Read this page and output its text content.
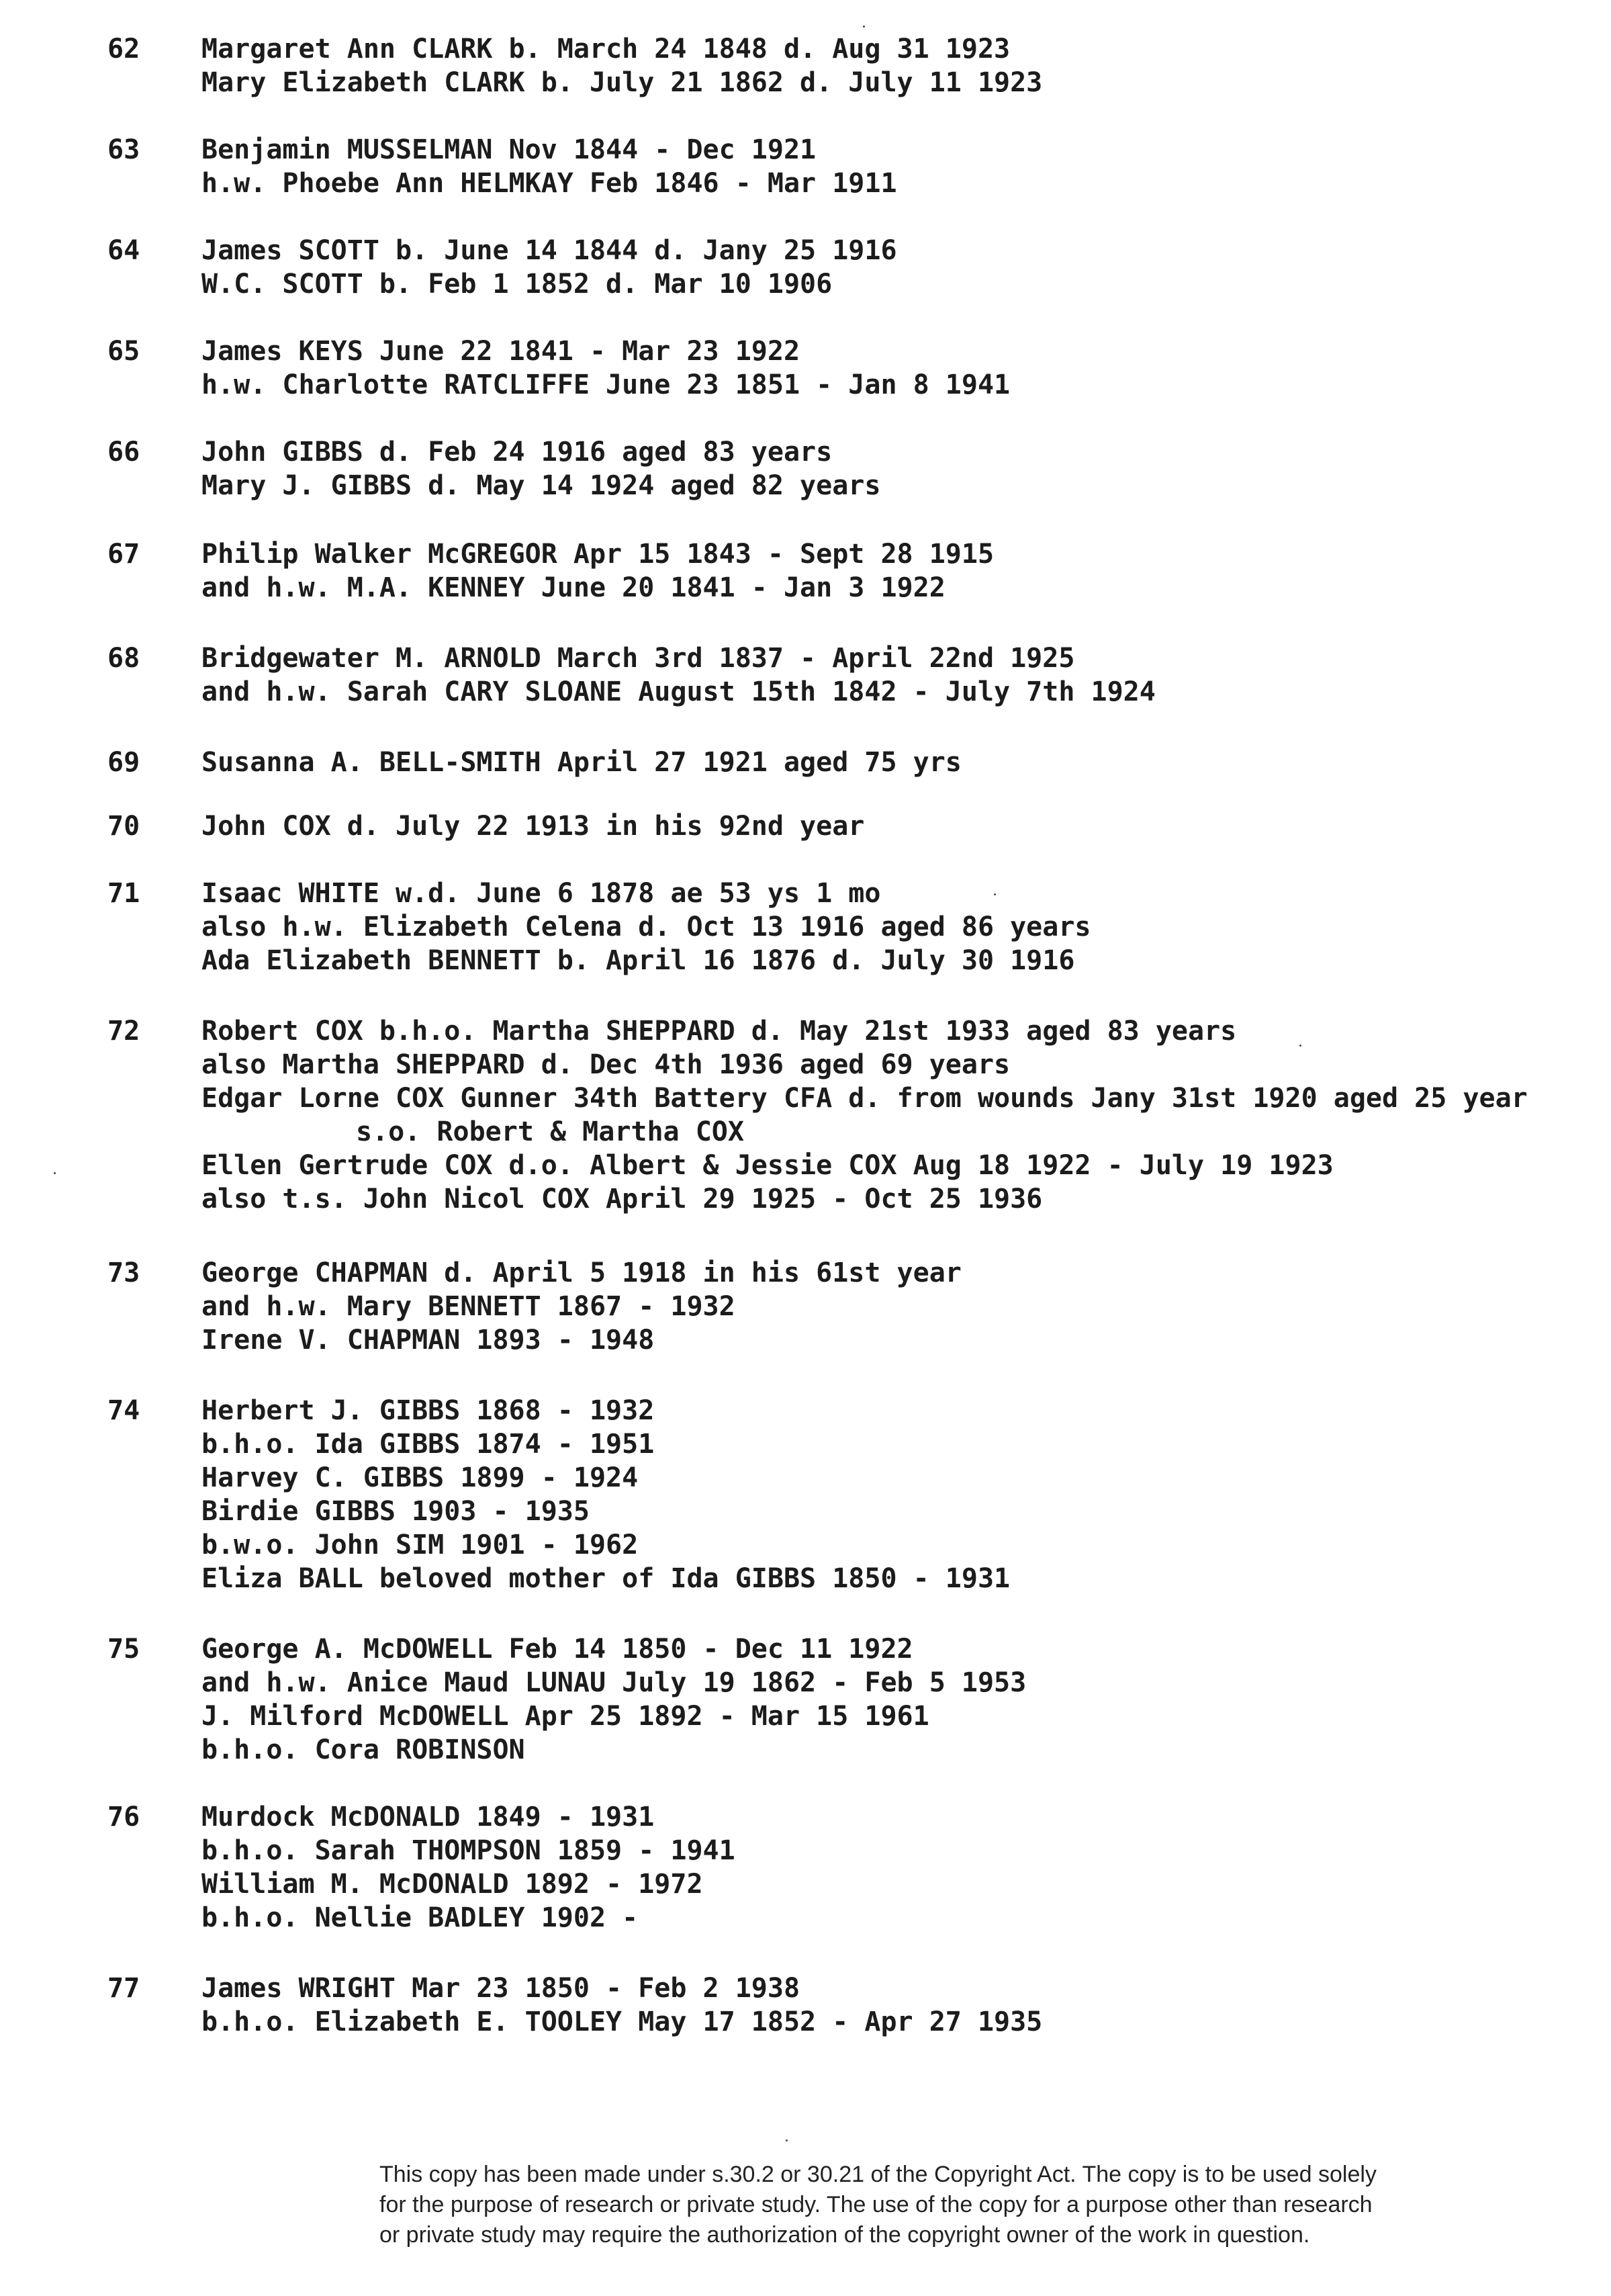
62 Margaret Ann CLARK b. March 24 1848 d. Aug 31 1923
Mary Elizabeth CLARK b. July 21 1862 d. July 11 1923
63 Benjamin MUSSELMAN Nov 1844 - Dec 1921
h.w. Phoebe Ann HELMKAY Feb 1846 - Mar 1911
64 James SCOTT b. June 14 1844 d. Jany 25 1916
W.C. SCOTT b. Feb 1 1852 d. Mar 10 1906
65 James KEYS June 22 1841 - Mar 23 1922
h.w. Charlotte RATCLIFFE June 23 1851 - Jan 8 1941
66 John GIBBS d. Feb 24 1916 aged 83 years
Mary J. GIBBS d. May 14 1924 aged 82 years
67 Philip Walker McGREGOR Apr 15 1843 - Sept 28 1915
and h.w. M.A. KENNEY June 20 1841 - Jan 3 1922
68 Bridgewater M. ARNOLD March 3rd 1837 - April 22nd 1925
and h.w. Sarah CARY SLOANE August 15th 1842 - July 7th 1924
69 Susanna A. BELL-SMITH April 27 1921 aged 75 yrs
70 John COX d. July 22 1913 in his 92nd year
71 Isaac WHITE w.d. June 6 1878 ae 53 ys 1 mo
also h.w. Elizabeth Celena d. Oct 13 1916 aged 86 years
Ada Elizabeth BENNETT b. April 16 1876 d. July 30 1916
72 Robert COX b.h.o. Martha SHEPPARD d. May 21st 1933 aged 83 years
also Martha SHEPPARD d. Dec 4th 1936 aged 69 years
Edgar Lorne COX Gunner 34th Battery CFA d. from wounds Jany 31st 1920 aged 25 year
s.o. Robert & Martha COX
Ellen Gertrude COX d.o. Albert & Jessie COX Aug 18 1922 - July 19 1923
also t.s. John Nicol COX April 29 1925 - Oct 25 1936
73 George CHAPMAN d. April 5 1918 in his 61st year
and h.w. Mary BENNETT 1867 - 1932
Irene V. CHAPMAN 1893 - 1948
74 Herbert J. GIBBS 1868 - 1932
b.h.o. Ida GIBBS 1874 - 1951
Harvey C. GIBBS 1899 - 1924
Birdie GIBBS 1903 - 1935
b.w.o. John SIM 1901 - 1962
Eliza BALL beloved mother of Ida GIBBS 1850 - 1931
75 George A. McDOWELL Feb 14 1850 - Dec 11 1922
and h.w. Anice Maud LUNAU July 19 1862 - Feb 5 1953
J. Milford McDOWELL Apr 25 1892 - Mar 15 1961
b.h.o. Cora ROBINSON
76 Murdock McDONALD 1849 - 1931
b.h.o. Sarah THOMPSON 1859 - 1941
William M. McDONALD 1892 - 1972
b.h.o. Nellie BADLEY 1902 -
77 James WRIGHT Mar 23 1850 - Feb 2 1938
b.h.o. Elizabeth E. TOOLEY May 17 1852 - Apr 27 1935
This copy has been made under s.30.2 or 30.21 of the Copyright Act. The copy is to be used solely
for the purpose of research or private study. The use of the copy for a purpose other than research
or private study may require the authorization of the copyright owner of the work in question.
